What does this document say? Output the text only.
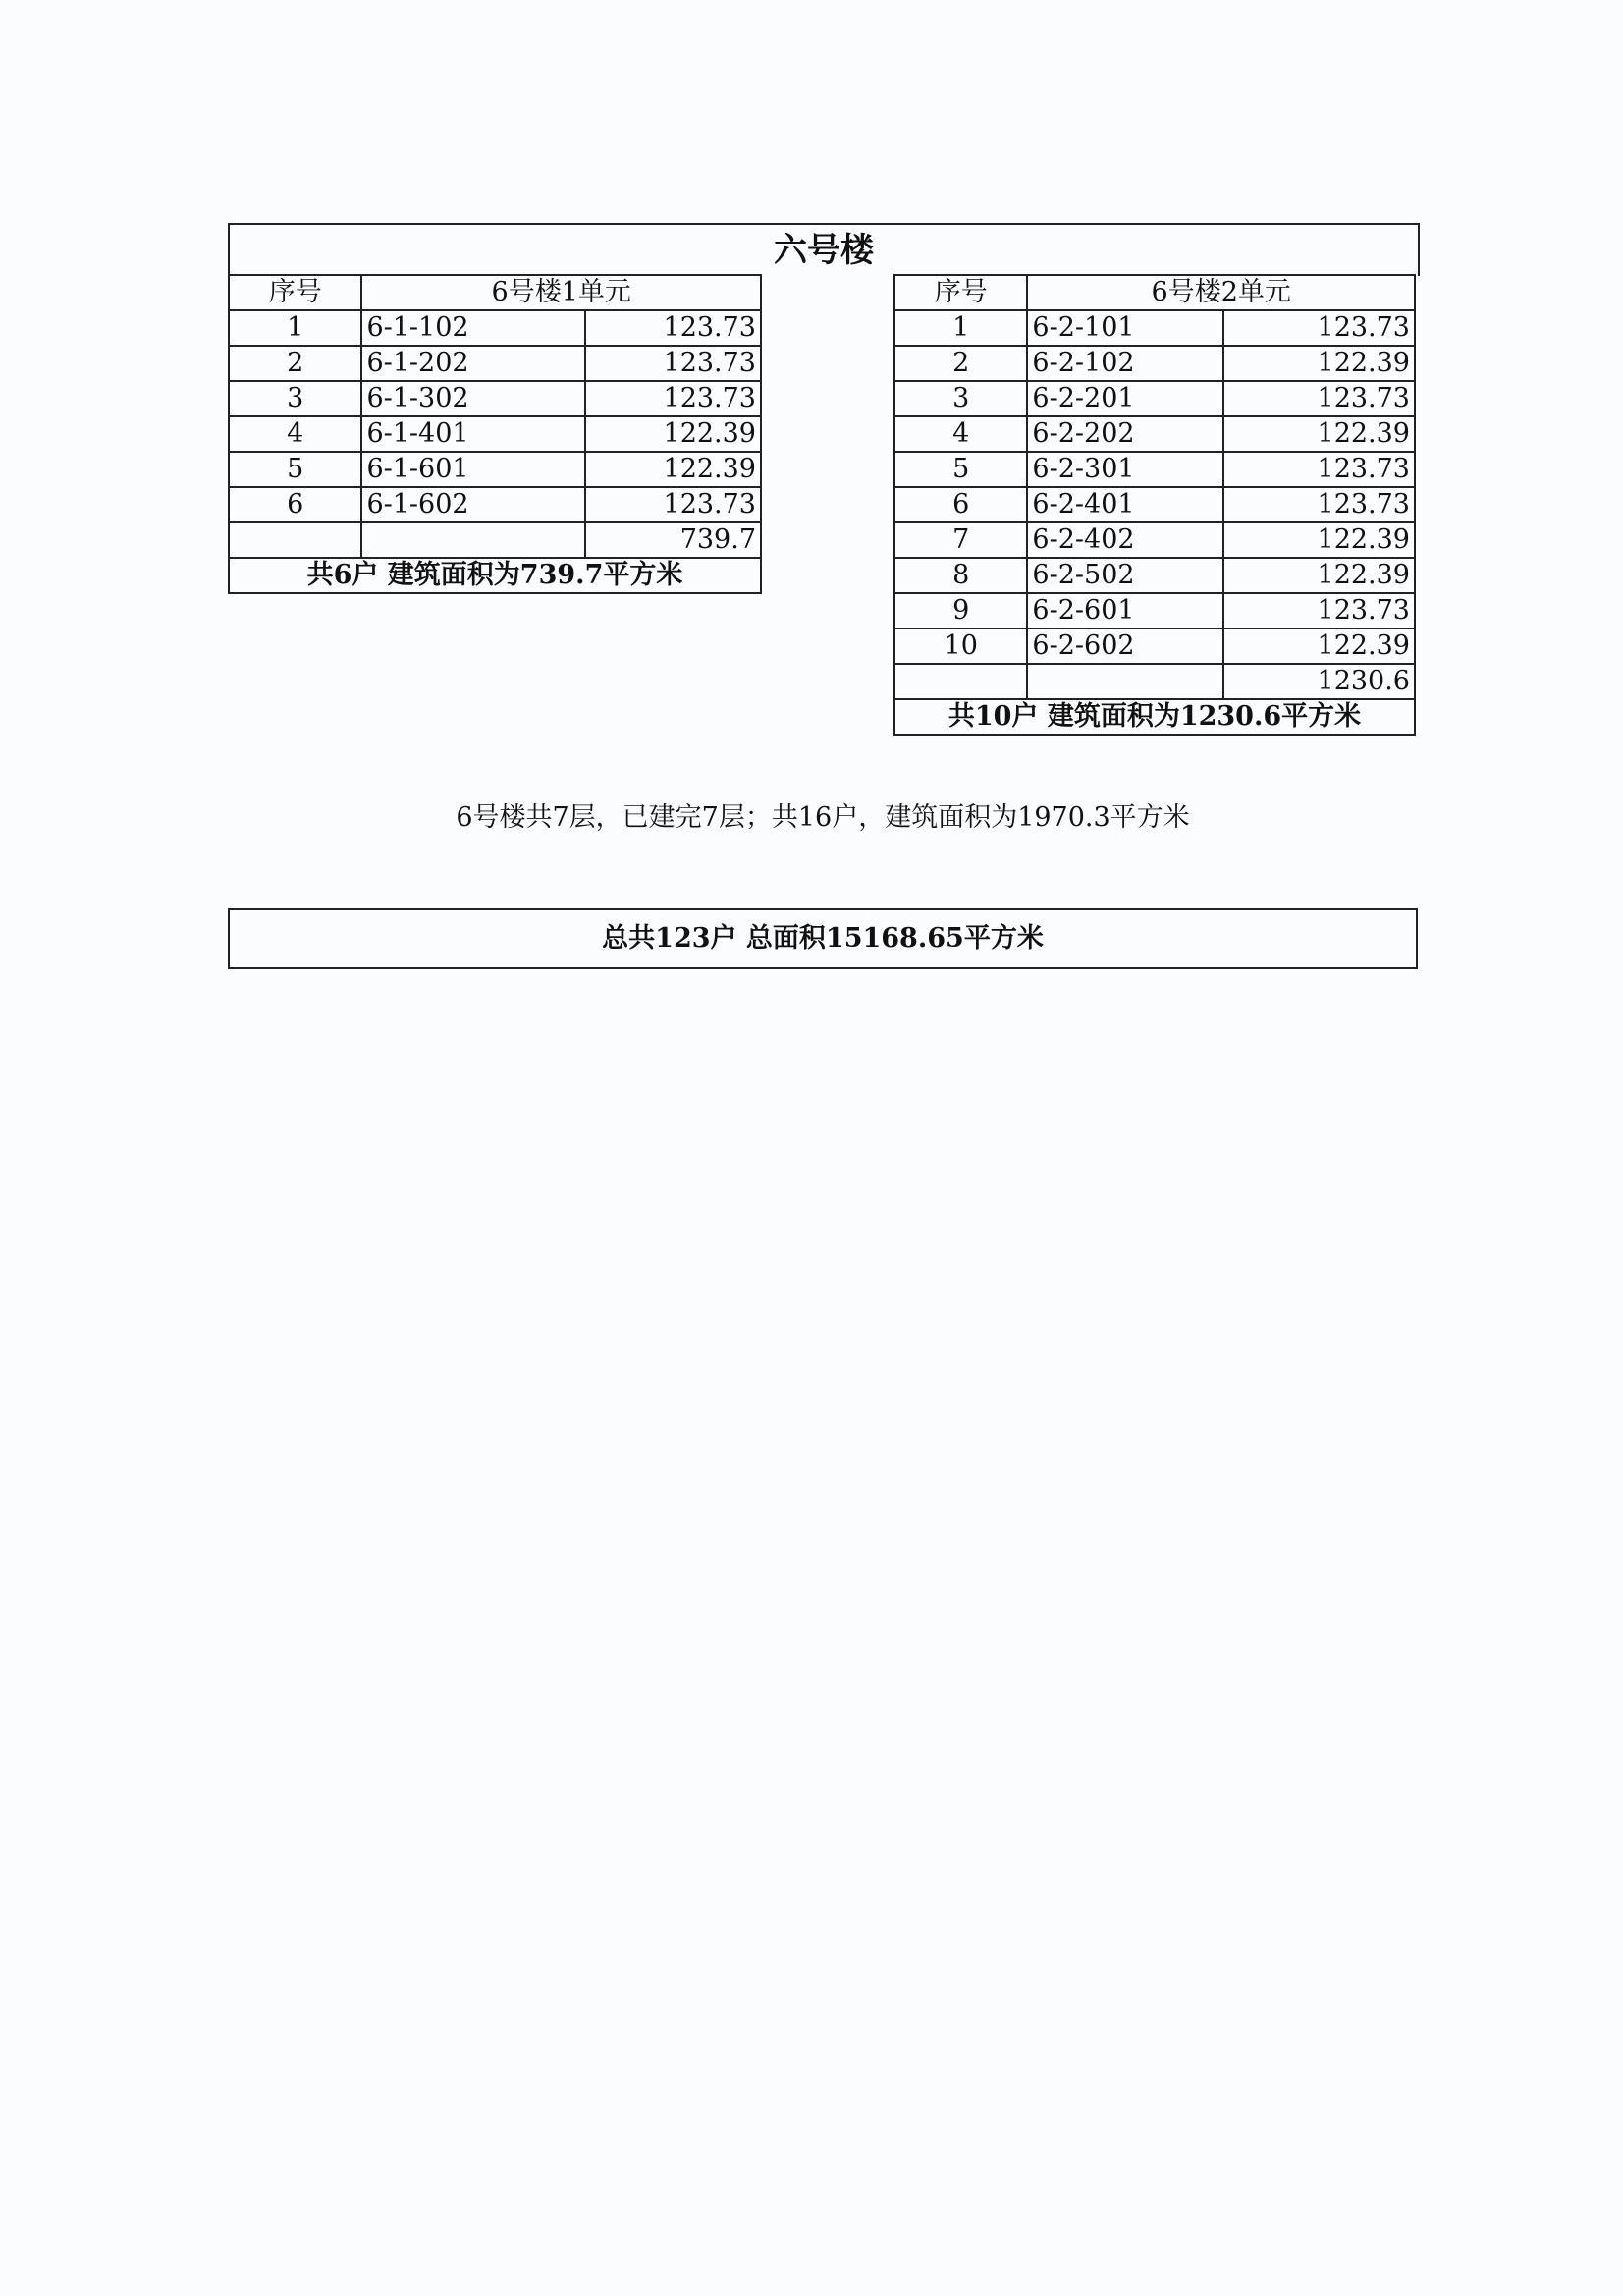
六号楼
序号	6号楼1单元	
1	6-1-102	123.73
2	6-1-202	123.73
3	6-1-302	123.73
4	6-1-401	122.39
5	6-1-601	122.39
6	6-1-602	123.73
		739.7
共6户 建筑面积为739.7平方米		
序号	6号楼2单元	
1	6-2-101	123.73
2	6-2-102	122.39
3	6-2-201	123.73
4	6-2-202	122.39
5	6-2-301	123.73
6	6-2-401	123.73
7	6-2-402	122.39
8	6-2-502	122.39
9	6-2-601	123.73
10	6-2-602	122.39
		1230.6
共10户 建筑面积为1230.6平方米		
6号楼共7层，已建完7层；共16户，建筑面积为1970.3平方米
总共123户 总面积15168.65平方米
